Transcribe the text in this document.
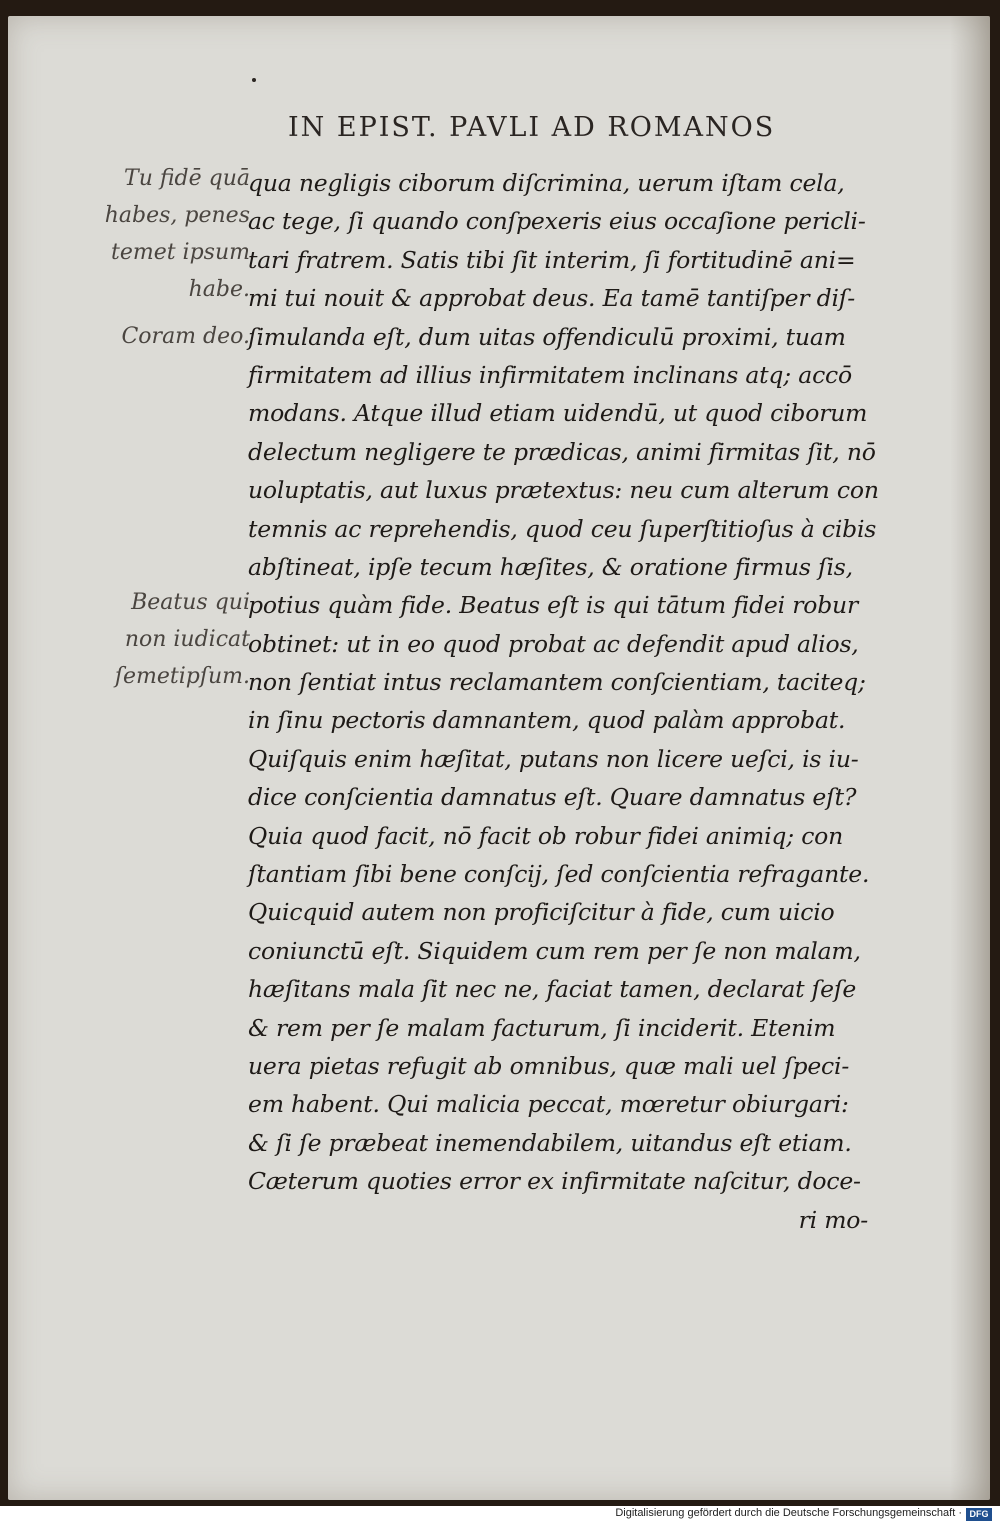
IN EPIST. PAVLI AD ROMANOS
Tu fidē quā
habes, penes
temet ipsum
habe.
Coram deo.
Beatus qui
non iudicat
ſemetipſum.
qua negligis ciborum diſcrimina, uerum iſtam cela,
ac tege, ſi quando conſpexeris eius occaſione pericli-
tari fratrem. Satis tibi ſit interim, ſi fortitudinē ani=
mi tui nouit & approbat deus. Ea tamē tantiſper diſ-
ſimulanda eſt, dum uitas offendiculū proximi, tuam
firmitatem ad illius infirmitatem inclinans atq; accō
modans. Atque illud etiam uidendū, ut quod ciborum
delectum negligere te prædicas, animi firmitas ſit, nō
uoluptatis, aut luxus prætextus: neu cum alterum con
temnis ac reprehendis, quod ceu ſuperſtitioſus à cibis
abſtineat, ipſe tecum hæſites, & oratione firmus ſis,
potius quàm fide. Beatus eſt is qui tātum fidei robur
obtinet: ut in eo quod probat ac defendit apud alios,
non ſentiat intus reclamantem conſcientiam, taciteq;
in ſinu pectoris damnantem, quod palàm approbat.
Quiſquis enim hæſitat, putans non licere ueſci, is iu-
dice conſcientia damnatus eſt. Quare damnatus eſt?
Quia quod facit, nō facit ob robur fidei animiq; con
ſtantiam ſibi bene conſcij, ſed conſcientia refragante.
Quicquid autem non proficiſcitur à fide, cum uicio
coniunctū eſt. Siquidem cum rem per ſe non malam,
hæſitans mala ſit nec ne, faciat tamen, declarat ſeſe
& rem per ſe malam facturum, ſi inciderit. Etenim
uera pietas refugit ab omnibus, quæ mali uel ſpeci-
em habent. Qui malicia peccat, mœretur obiurgari:
& ſi ſe præbeat inemendabilem, uitandus eſt etiam.
Cæterum quoties error ex infirmitate naſcitur, doce-
ri mo-
Digitalisierung gefördert durch die Deutsche Forschungsgemeinschaft · DFG
